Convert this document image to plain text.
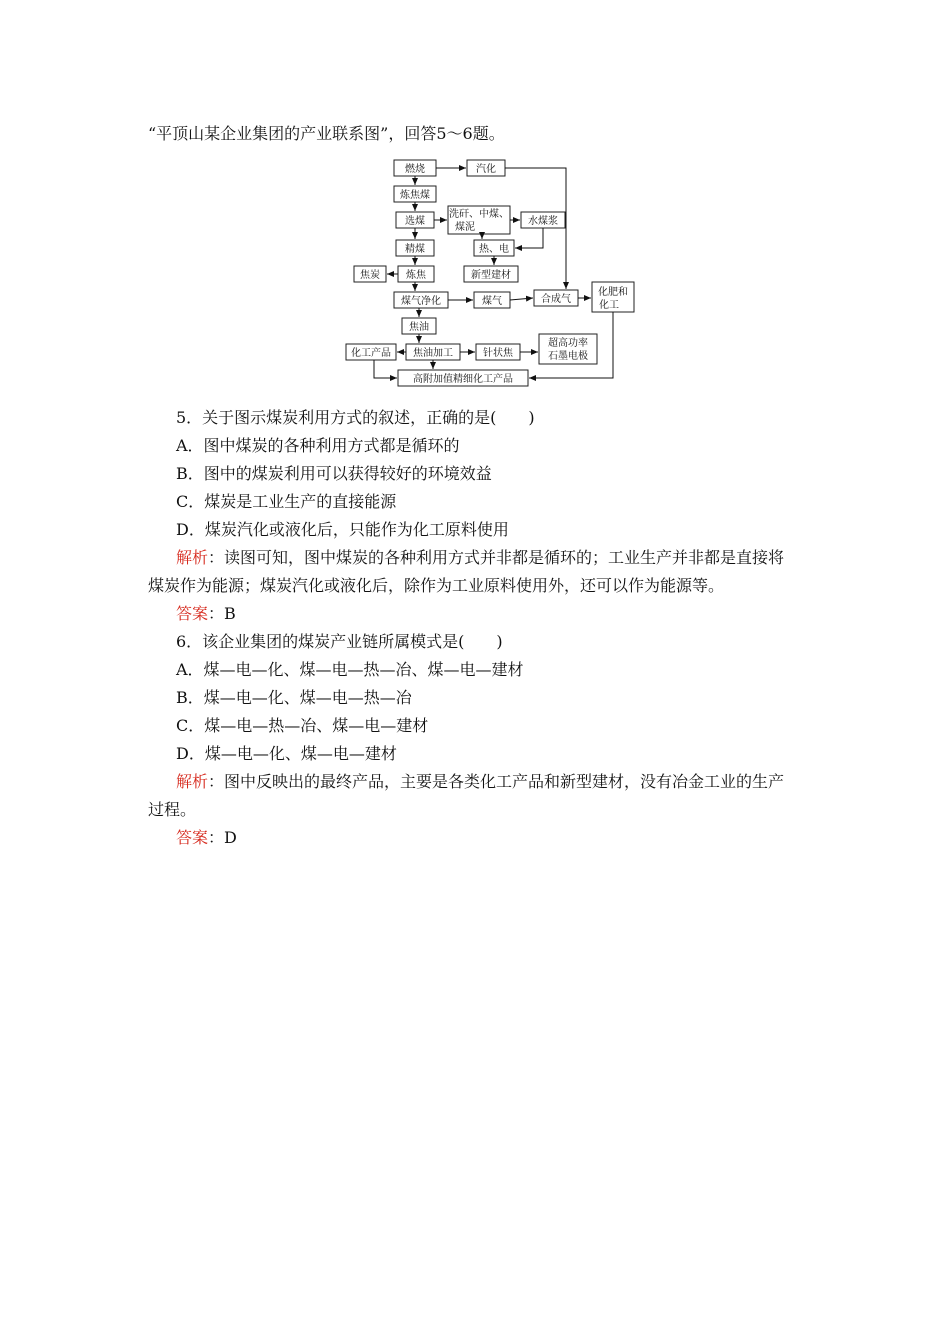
“平顶山某企业集团的产业联系图”，回答5～6题。
燃烧	汽化
炼焦煤
选煤
洗矸、中煤、
煤泥
水煤浆
精煤	热、电
焦炭	炼焦	新型建材
煤气净化	煤气	合成气
化肥和
化工
焦油
化工产品 焦油加工	针状焦
超高功率
石墨电极
高附加值精细化工产品
5．关于图示煤炭利用方式的叙述，正确的是(　　)
A．图中煤炭的各种利用方式都是循环的
B．图中的煤炭利用可以获得较好的环境效益
C．煤炭是工业生产的直接能源
D．煤炭汽化或液化后，只能作为化工原料使用
解析：读图可知，图中煤炭的各种利用方式并非都是循环的；工业生产并非都是直接将
煤炭作为能源；煤炭汽化或液化后，除作为工业原料使用外，还可以作为能源等。
答案：B
6．该企业集团的煤炭产业链所属模式是(　　)
A．煤—电—化、煤—电—热—冶、煤—电—建材
B．煤—电—化、煤—电—热—冶
C．煤—电—热—冶、煤—电—建材
D．煤—电—化、煤—电—建材
解析：图中反映出的最终产品，主要是各类化工产品和新型建材，没有冶金工业的生产
过程。
答案：D
